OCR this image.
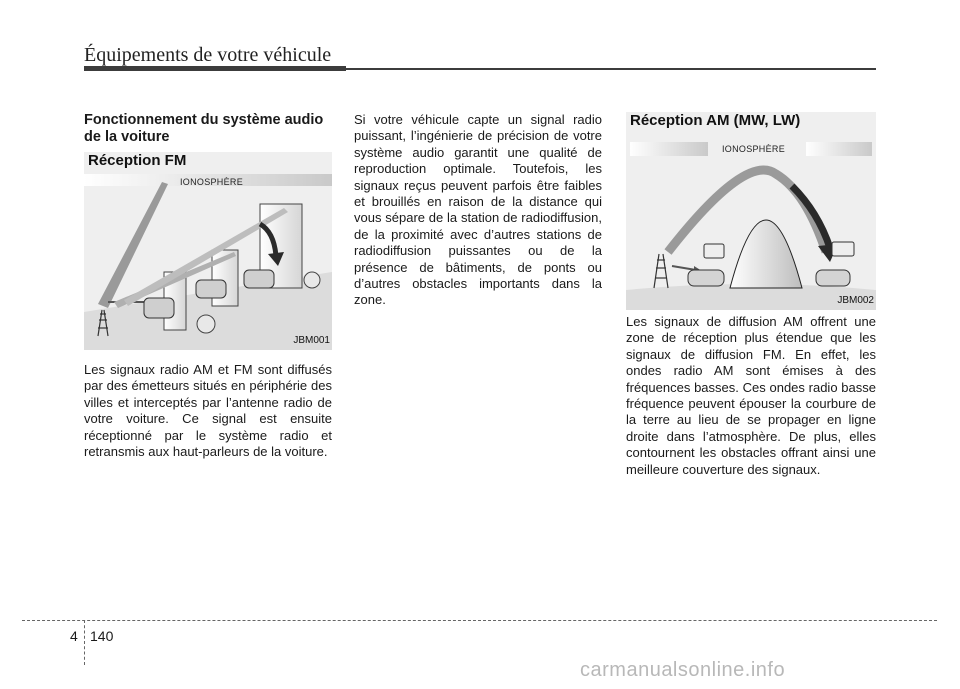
Équipements de votre véhicule
Fonctionnement du système audio de la voiture
Réception FM
IONOSPHÈRE
JBM001
Les signaux radio AM et FM sont diffusés par des émetteurs situés en périphérie des villes et interceptés par l’antenne radio de votre voiture. Ce signal est ensuite réceptionné par le système radio et retransmis aux haut-parleurs de la voiture.
Si votre véhicule capte un signal radio puissant, l’ingénierie de précision de votre système audio garantit une qualité de reproduction optimale. Toutefois, les signaux reçus peuvent parfois être faibles et brouillés en raison de la distance qui vous sépare de la station de radiodiffusion, de la proximité avec d’autres stations de radiodiffusion puissantes ou de la présence de bâtiments, de ponts ou d’autres obstacles importants dans la zone.
Réception AM (MW, LW)
IONOSPHÈRE
JBM002
Les signaux de diffusion AM offrent une zone de réception plus étendue que les signaux de diffusion FM. En effet, les ondes radio AM sont émises à des fréquences basses. Ces ondes radio basse fréquence peuvent épouser la courbure de la terre au lieu de se propager en ligne droite dans l’atmosphère. De plus, elles contournent les obstacles offrant ainsi une meilleure couverture des signaux.
4 140
carmanualsonline.info
